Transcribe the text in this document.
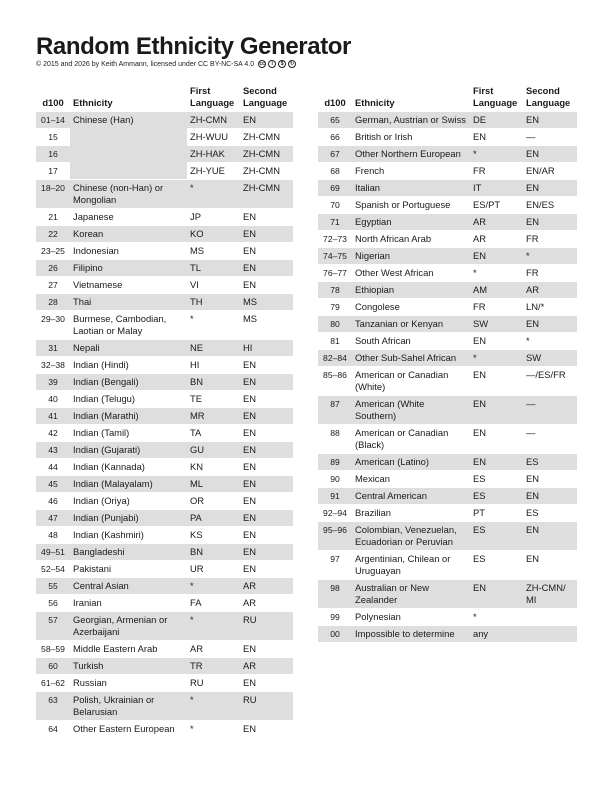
Random Ethnicity Generator
© 2015 and 2026 by Keith Ammann, licensed under CC BY-NC-SA 4.0 cc	i	$	↻
d100	Ethnicity	First Language	Second Language
01–14	Chinese (Han)	ZH-CMN	EN
15		ZH-WUU	ZH-CMN
16		ZH-HAK	ZH-CMN
17		ZH-YUE	ZH-CMN
18–20	Chinese (non-Han) or Mongolian	*	ZH-CMN
21	Japanese	JP	EN
22	Korean	KO	EN
23–25	Indonesian	MS	EN
26	Filipino	TL	EN
27	Vietnamese	VI	EN
28	Thai	TH	MS
29–30	Burmese, Cambodian, Laotian or Malay	*	MS
31	Nepali	NE	HI
32–38	Indian (Hindi)	HI	EN
39	Indian (Bengali)	BN	EN
40	Indian (Telugu)	TE	EN
41	Indian (Marathi)	MR	EN
42	Indian (Tamil)	TA	EN
43	Indian (Gujarati)	GU	EN
44	Indian (Kannada)	KN	EN
45	Indian (Malayalam)	ML	EN
46	Indian (Oriya)	OR	EN
47	Indian (Punjabi)	PA	EN
48	Indian (Kashmiri)	KS	EN
49–51	Bangladeshi	BN	EN
52–54	Pakistani	UR	EN
55	Central Asian	*	AR
56	Iranian	FA	AR
57	Georgian, Armenian or Azerbaijani	*	RU
58–59	Middle Eastern Arab	AR	EN
60	Turkish	TR	AR
61–62	Russian	RU	EN
63	Polish, Ukrainian or Belarusian	*	RU
64	Other Eastern European	*	EN
d100	Ethnicity	First Language	Second Language
65	German, Austrian or Swiss	DE	EN
66	British or Irish	EN	—
67	Other Northern European	*	EN
68	French	FR	EN/AR
69	Italian	IT	EN
70	Spanish or Portuguese	ES/PT	EN/ES
71	Egyptian	AR	EN
72–73	North African Arab	AR	FR
74–75	Nigerian	EN	*
76–77	Other West African	*	FR
78	Ethiopian	AM	AR
79	Congolese	FR	LN/*
80	Tanzanian or Kenyan	SW	EN
81	South African	EN	*
82–84	Other Sub-Sahel African	*	SW
85–86	American or Canadian (White)	EN	—/ES/FR
87	American (White Southern)	EN	—
88	American or Canadian (Black)	EN	—
89	American (Latino)	EN	ES
90	Mexican	ES	EN
91	Central American	ES	EN
92–94	Brazilian	PT	ES
95–96	Colombian, Venezuelan, Ecuadorian or Peruvian	ES	EN
97	Argentinian, Chilean or Uruguayan	ES	EN
98	Australian or New Zealander	EN	ZH-CMN/ MI
99	Polynesian	*	
00	Impossible to determine	any	
